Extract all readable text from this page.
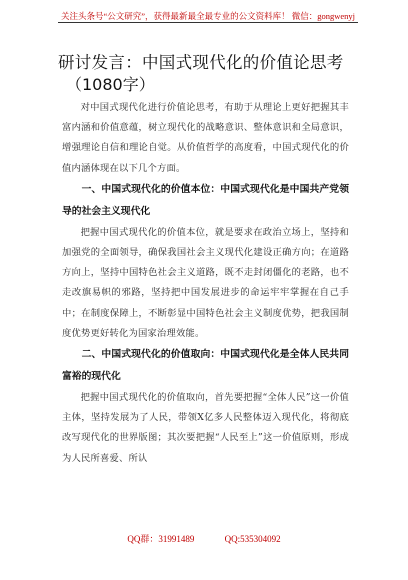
关注头条号“公文研究”，获得最新最全最专业的公文资料库！ 微信：gongwenyj
研讨发言：中国式现代化的价值论思考
（1080字）

对中国式现代化进行价值论思考，有助于从理论上更好把握其丰富内涵和价值意蕴，树立现代化的战略意识、整体意识和全局意识，增强理论自信和理论自觉。从价值哲学的高度看，中国式现代化的价值内涵体现在以下几个方面。

一、中国式现代化的价值本位：中国式现代化是中国共产党领导的社会主义现代化

把握中国式现代化的价值本位，就是要求在政治立场上，坚持和加强党的全面领导，确保我国社会主义现代化建设正确方向；在道路方向上，坚持中国特色社会主义道路，既不走封闭僵化的老路，也不走改旗易帜的邪路，坚持把中国发展进步的命运牢牢掌握在自己手中；在制度保障上，不断彰显中国特色社会主义制度优势，把我国制度优势更好转化为国家治理效能。

二、中国式现代化的价值取向：中国式现代化是全体人民共同富裕的现代化

把握中国式现代化的价值取向，首先要把握“全体人民”这一价值主体，坚持发展为了人民，带领X亿多人民整体迈入现代化，将彻底改写现代化的世界版图；其次要把握“人民至上”这一价值原则，形成为人民所喜爱、所认

QQ群：31991489	QQ:535304092
